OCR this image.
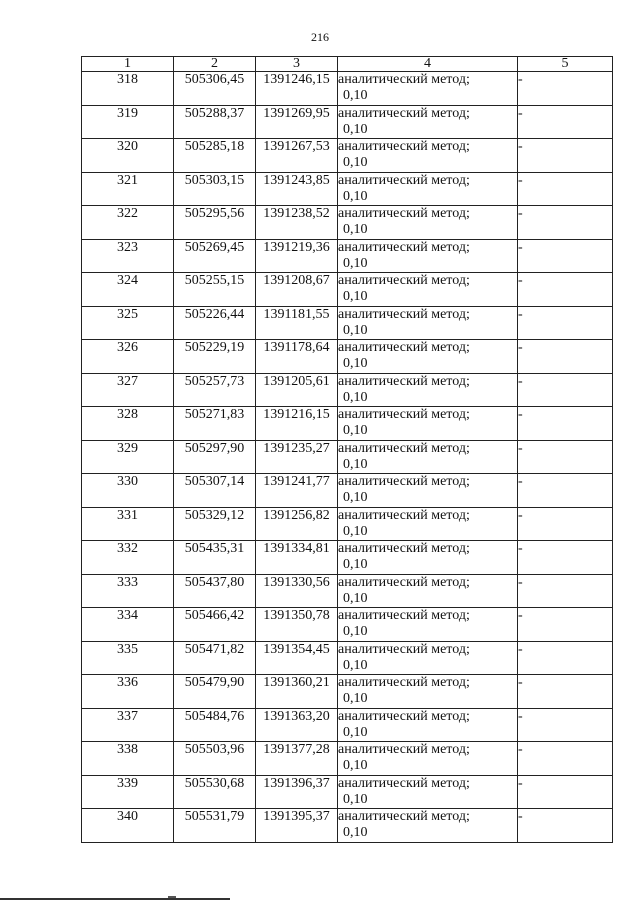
216
1	2	3	4	5
318	505306,45	1391246,15	аналитический метод;
0,10	-
319	505288,37	1391269,95	аналитический метод;
0,10	-
320	505285,18	1391267,53	аналитический метод;
0,10	-
321	505303,15	1391243,85	аналитический метод;
0,10	-
322	505295,56	1391238,52	аналитический метод;
0,10	-
323	505269,45	1391219,36	аналитический метод;
0,10	-
324	505255,15	1391208,67	аналитический метод;
0,10	-
325	505226,44	1391181,55	аналитический метод;
0,10	-
326	505229,19	1391178,64	аналитический метод;
0,10	-
327	505257,73	1391205,61	аналитический метод;
0,10	-
328	505271,83	1391216,15	аналитический метод;
0,10	-
329	505297,90	1391235,27	аналитический метод;
0,10	-
330	505307,14	1391241,77	аналитический метод;
0,10	-
331	505329,12	1391256,82	аналитический метод;
0,10	-
332	505435,31	1391334,81	аналитический метод;
0,10	-
333	505437,80	1391330,56	аналитический метод;
0,10	-
334	505466,42	1391350,78	аналитический метод;
0,10	-
335	505471,82	1391354,45	аналитический метод;
0,10	-
336	505479,90	1391360,21	аналитический метод;
0,10	-
337	505484,76	1391363,20	аналитический метод;
0,10	-
338	505503,96	1391377,28	аналитический метод;
0,10	-
339	505530,68	1391396,37	аналитический метод;
0,10	-
340	505531,79	1391395,37	аналитический метод;
0,10	-
